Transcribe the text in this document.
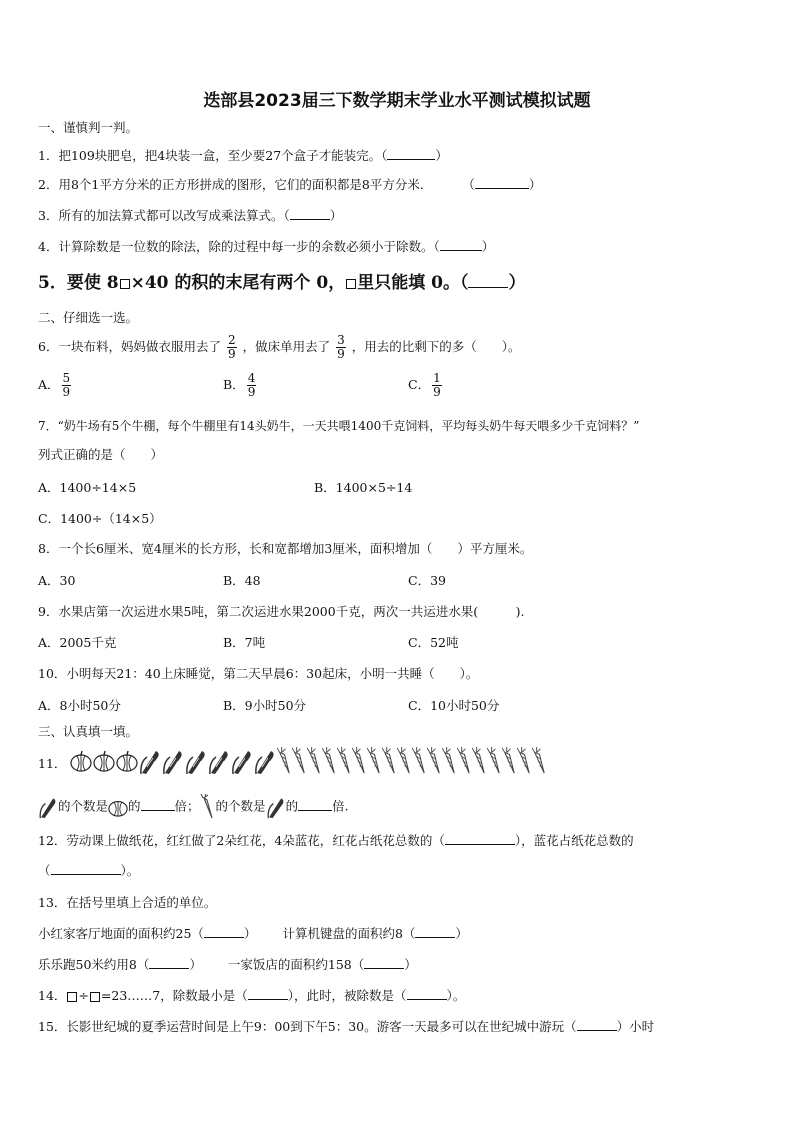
迭部县2023届三下数学期末学业水平测试模拟试题
一、谨慎判一判。
1．把109块肥皂，把4块装一盒，至少要27个盒子才能装完。（	）
2．用8个1平方分米的正方形拼成的图形，它们的面积都是8平方分米． （	）
3．所有的加法算式都可以改写成乘法算式。（	）
4．计算除数是一位数的除法，除的过程中每一步的余数必须小于除数。（	）
5．要使 8 ×40 的积的末尾有两个 0， 里只能填 0。（ ）
二、仔细选一选。
6．一块布料，妈妈做衣服用去了 $\frac{2}{9}$ ，做床单用去了 $\frac{3}{9}$ ，用去的比剩下的多（　　）。
A． $\frac{5}{9}$	B． $\frac{4}{9}$	C． $\frac{1}{9}$
7．“奶牛场有5个牛棚，每个牛棚里有14头奶牛，一天共喂1400千克饲料，平均每头奶牛每天喂多少千克饲料？”
列式正确的是（　　）
A．1400÷14×5	B．1400×5÷14
C．1400÷（14×5）
8．一个长6厘米、宽4厘米的长方形，长和宽都增加3厘米，面积增加（　　）平方厘米。
A．30	B．48	C．39
9．水果店第一次运进水果5吨，第二次运进水果2000千克，两次一共运进水果(　　　).
A．2005千克	B．7吨	C．52吨
10．小明每天21：40上床睡觉，第二天早晨6：30起床，小明一共睡（　　）。
A．8小时50分	B．9小时50分	C．10小时50分
三、认真填一填。
11．
的个数是 的	倍； 的个数是 的	倍.
12．劳动课上做纸花，红红做了2朵红花，4朵蓝花，红花占纸花总数的（	），蓝花占纸花总数的
（	）。
13．在括号里填上合适的单位。
小红家客厅地面的面积约25（	） 计算机键盘的面积约8（	）
乐乐跑50米约用8（	） 一家饭店的面积约158（	）
14． ÷ =23……7，除数最小是（	），此时，被除数是（	）。
15．长影世纪城的夏季运营时间是上午9：00到下午5：30。游客一天最多可以在世纪城中游玩（	）小时
